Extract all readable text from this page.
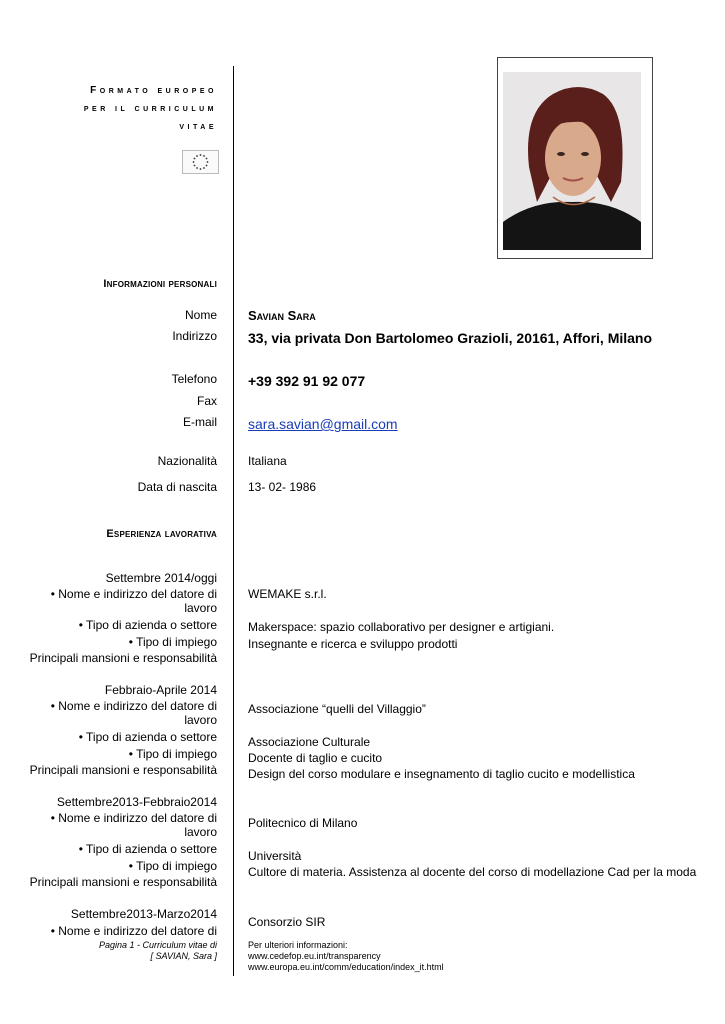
Formato europeo
per il curriculum
vitae
Informazioni personali
Nome Savian Sara
Indirizzo 33, via privata Don Bartolomeo Grazioli, 20161, Affori, Milano
Telefono +39 392 91 92 077
Fax
E-mail sara.savian@gmail.com
Nazionalità	Italiana
Data di nascita	13- 02- 1986
Esperienza lavorativa
Settembre 2014/oggi
• Nome e indirizzo del datore di
lavoro
WEMAKE s.r.l.
• Tipo di azienda o settore	Makerspace: spazio collaborativo per designer e artigiani.
• Tipo di impiego	Insegnante e ricerca e sviluppo prodotti
Principali mansioni e responsabilità
Febbraio-Aprile 2014
• Nome e indirizzo del datore di
lavoro
Associazione “quelli del Villaggio”
• Tipo di azienda o settore	Associazione Culturale
• Tipo di impiego	Docente di taglio e cucito
Principali mansioni e responsabilità	Design del corso modulare e insegnamento di taglio cucito e modellistica
Settembre2013-Febbraio2014
• Nome e indirizzo del datore di
lavoro
Politecnico di Milano
• Tipo di azienda o settore	Università
• Tipo di impiego	Cultore di materia. Assistenza al docente del corso di modellazione Cad per la moda
Principali mansioni e responsabilità
Settembre2013-Marzo2014
• Nome e indirizzo del datore di
Consorzio SIR
Pagina 1 - Curriculum vitae di
[ SAVIAN, Sara ]
Per ulteriori informazioni:
www.cedefop.eu.int/transparency
www.europa.eu.int/comm/education/index_it.html
